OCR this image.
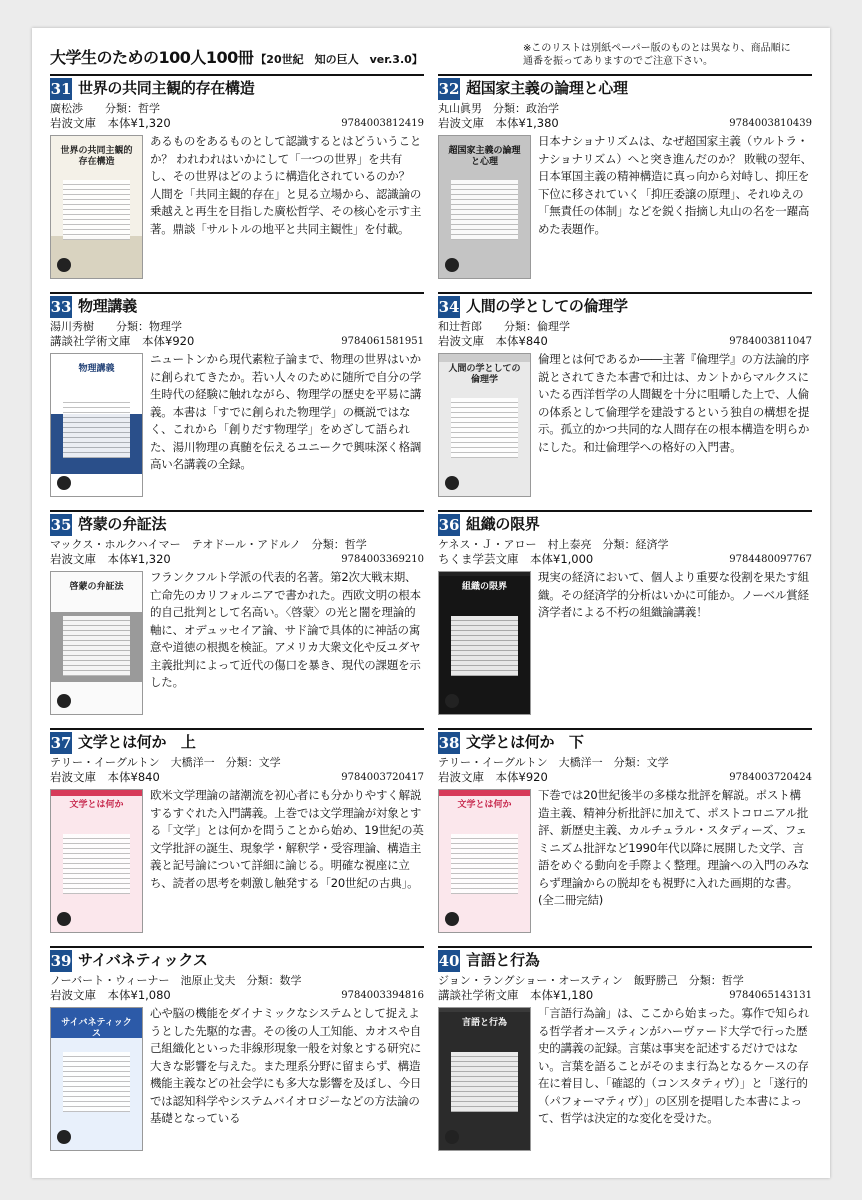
大学生のための100人100冊 【20世紀　知の巨人　ver.3.0】
※このリストは別紙ペーパー版のものとは異なり、商品順に
通番を振ってありますのでご注意下さい。
31 世界の共同主観的存在構造
廣松渉　　分類：哲学
岩波文庫　本体¥1,320	9784003812419
世界の共同主観的存在構造
あるものをあるものとして認識するとはどういうことか？ われわれはいかにして「一つの世界」を共有し、その世界はどのように構造化されているのか？ 人間を「共同主観的存在」と見る立場から、認識論の乗越えと再生を目指した廣松哲学、その核心を示す主著。鼎談「サルトルの地平と共同主観性」を付載。
32 超国家主義の論理と心理
丸山眞男　分類：政治学
岩波文庫　本体¥1,380	9784003810439
超国家主義の論理と心理
日本ナショナリズムは、なぜ超国家主義（ウルトラ・ナショナリズム）へと突き進んだのか？ 敗戦の翌年、日本軍国主義の精神構造に真っ向から対峙し、抑圧を下位に移されていく「抑圧委譲の原理」、それゆえの「無責任の体制」などを鋭く指摘し丸山の名を一躍高めた表題作。
33 物理講義
湯川秀樹　　分類：物理学
講談社学術文庫　本体¥920	9784061581951
物理講義
ニュートンから現代素粒子論まで、物理の世界はいかに創られてきたか。若い人々のために随所で自分の学生時代の経験に触れながら、物理学の歴史を平易に講義。本書は「すでに創られた物理学」の概説ではなく、これから「創りだす物理学」をめざして語られた、湯川物理の真髄を伝えるユニークで興味深く格調高い名講義の全録。
34 人間の学としての倫理学
和辻哲郎　　分類：倫理学
岩波文庫　本体¥840	9784003811047
人間の学としての倫理学
倫理とは何であるか――主著『倫理学』の方法論的序説とされてきた本書で和辻は、カントからマルクスにいたる西洋哲学の人間観を十分に咀嚼した上で、人倫の体系として倫理学を建設するという独自の構想を提示。孤立的かつ共同的な人間存在の根本構造を明らかにした。和辻倫理学への格好の入門書。
35 啓蒙の弁証法
マックス・ホルクハイマー　テオドール・アドルノ　分類：哲学
岩波文庫　本体¥1,320	9784003369210
啓蒙の弁証法
フランクフルト学派の代表的名著。第2次大戦末期、亡命先のカリフォルニアで書かれた。西欧文明の根本的自己批判として名高い。〈啓蒙〉の光と闇を理論的軸に、オデュッセイア論、サド論で具体的に神話の寓意や道徳の根拠を検証。アメリカ大衆文化や反ユダヤ主義批判によって近代の傷口を暴き、現代の課題を示した。
36 組織の限界
ケネス・Ｊ・アロー　村上泰亮　分類：経済学
ちくま学芸文庫　本体¥1,000	9784480097767
組織の限界
現実の経済において、個人より重要な役割を果たす組織。その経済学的分析はいかに可能か。ノーベル賞経済学者による不朽の組織論講義！
37 文学とは何か　上
テリー・イーグルトン　大橋洋一　分類：文学
岩波文庫　本体¥840	9784003720417
文学とは何か
欧米文学理論の諸潮流を初心者にも分かりやすく解説するすぐれた入門講義。上巻では文学理論が対象とする「文学」とは何かを問うことから始め、19世紀の英文学批評の誕生、現象学・解釈学・受容理論、構造主義と記号論について詳細に論じる。明確な視座に立ち、読者の思考を刺激し触発する「20世紀の古典」。
38 文学とは何か　下
テリー・イーグルトン　大橋洋一　分類：文学
岩波文庫　本体¥920	9784003720424
文学とは何か
下巻では20世紀後半の多様な批評を解説。ポスト構造主義、精神分析批評に加えて、ポストコロニアル批評、新歴史主義、カルチュラル・スタディーズ、フェミニズム批評など1990年代以降に展開した文学、言語をめぐる動向を手際よく整理。理論への入門のみならず理論からの脱却をも視野に入れた画期的な書。(全二冊完結)
39 サイバネティックス
ノーバート・ウィーナー　池原止戈夫　分類：数学
岩波文庫　本体¥1,080	9784003394816
サイバネティックス
心や脳の機能をダイナミックなシステムとして捉えようとした先駆的な書。その後の人工知能、カオスや自己組織化といった非線形現象一般を対象とする研究に大きな影響を与えた。また理系分野に留まらず、構造機能主義などの社会学にも多大な影響を及ぼし、今日では認知科学やシステムバイオロジーなどの方法論の基礎となっている
40 言語と行為
ジョン・ラングショー・オースティン　飯野勝己　分類：哲学
講談社学術文庫　本体¥1,180	9784065143131
言語と行為
「言語行為論」は、ここから始まった。寡作で知られる哲学者オースティンがハーヴァード大学で行った歴史的講義の記録。言葉は事実を記述するだけではない。言葉を語ることがそのまま行為となるケースの存在に着目し、「確認的（コンスタティヴ）」と「遂行的（パフォーマティヴ）」の区別を提唱した本書によって、哲学は決定的な変化を受けた。
